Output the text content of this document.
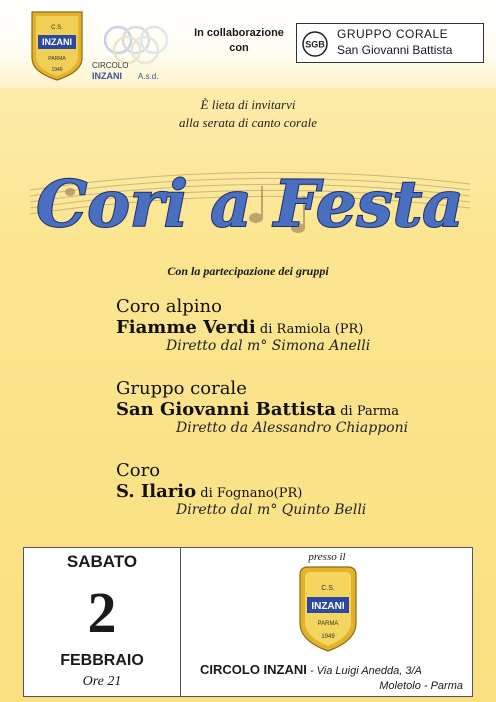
C.S.
INZANI
PARMA
1949	CIRCOLO
INZANI A.s.d.
In collaborazione
con	SGB
GRUPPO CORALE
San Giovanni Battista
È lieta di invitarvi
alla serata di canto corale
Cori a Festa
Con la partecipazione dei gruppi
Coro alpino
Fiamme Verdi di Ramiola (PR)
Diretto dal m° Simona Anelli
Gruppo corale
San Giovanni Battista di Parma
Diretto da Alessandro Chiapponi
Coro
S. Ilario di Fognano(PR)
Diretto dal m° Quinto Belli
SABATO
2
FEBBRAIO
Ore 21
presso il
C.S.
INZANI
PARMA
1949
CIRCOLO INZANI - Via Luigi Anedda, 3/A
Moletolo - Parma
